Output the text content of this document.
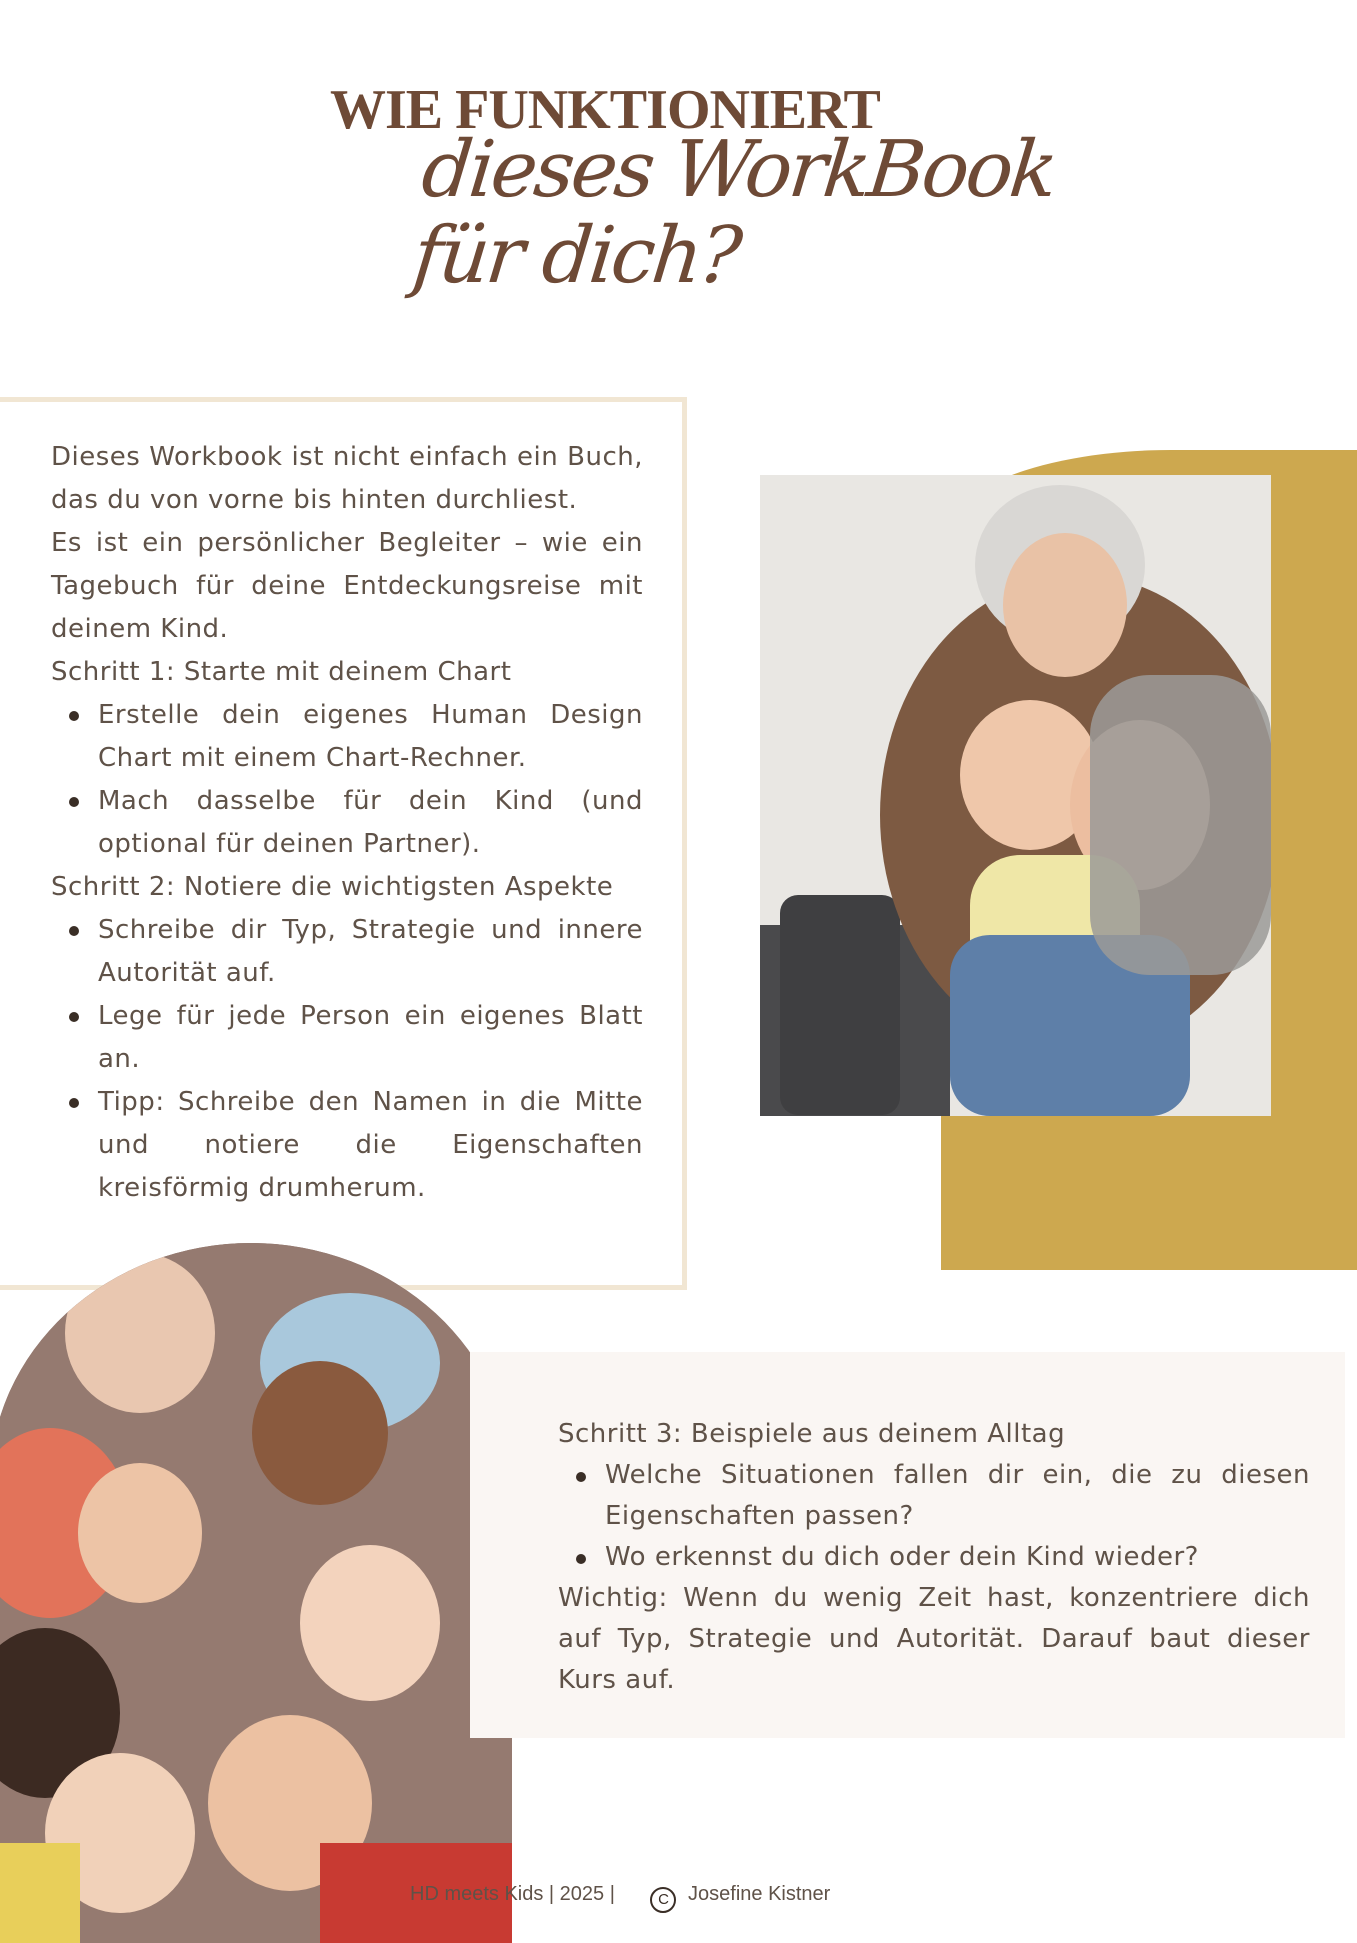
WIE FUNKTIONIERT
dieses WorkBook für dich?

Dieses Workbook ist nicht einfach ein Buch, das du von vorne bis hinten durchliest.

Es ist ein persönlicher Begleiter – wie ein Tagebuch für deine Entdeckungsreise mit deinem Kind.

Schritt 1: Starte mit deinem Chart

Erstelle dein eigenes Human Design Chart mit einem Chart-Rechner.
Mach dasselbe für dein Kind (und optional für deinen Partner).

Schritt 2: Notiere die wichtigsten Aspekte

Schreibe dir Typ, Strategie und innere Autorität auf.
Lege für jede Person ein eigenes Blatt an.
Tipp: Schreibe den Namen in die Mitte und notiere die Eigenschaften kreisförmig drumherum.

Schritt 3: Beispiele aus deinem Alltag

Welche Situationen fallen dir ein, die zu diesen Eigenschaften passen?
Wo erkennst du dich oder dein Kind wieder?

Wichtig: Wenn du wenig Zeit hast, konzentriere dich auf Typ, Strategie und Autorität. Darauf baut dieser Kurs auf.

HD meets Kids | 2025 |	C Josefine Kistner
